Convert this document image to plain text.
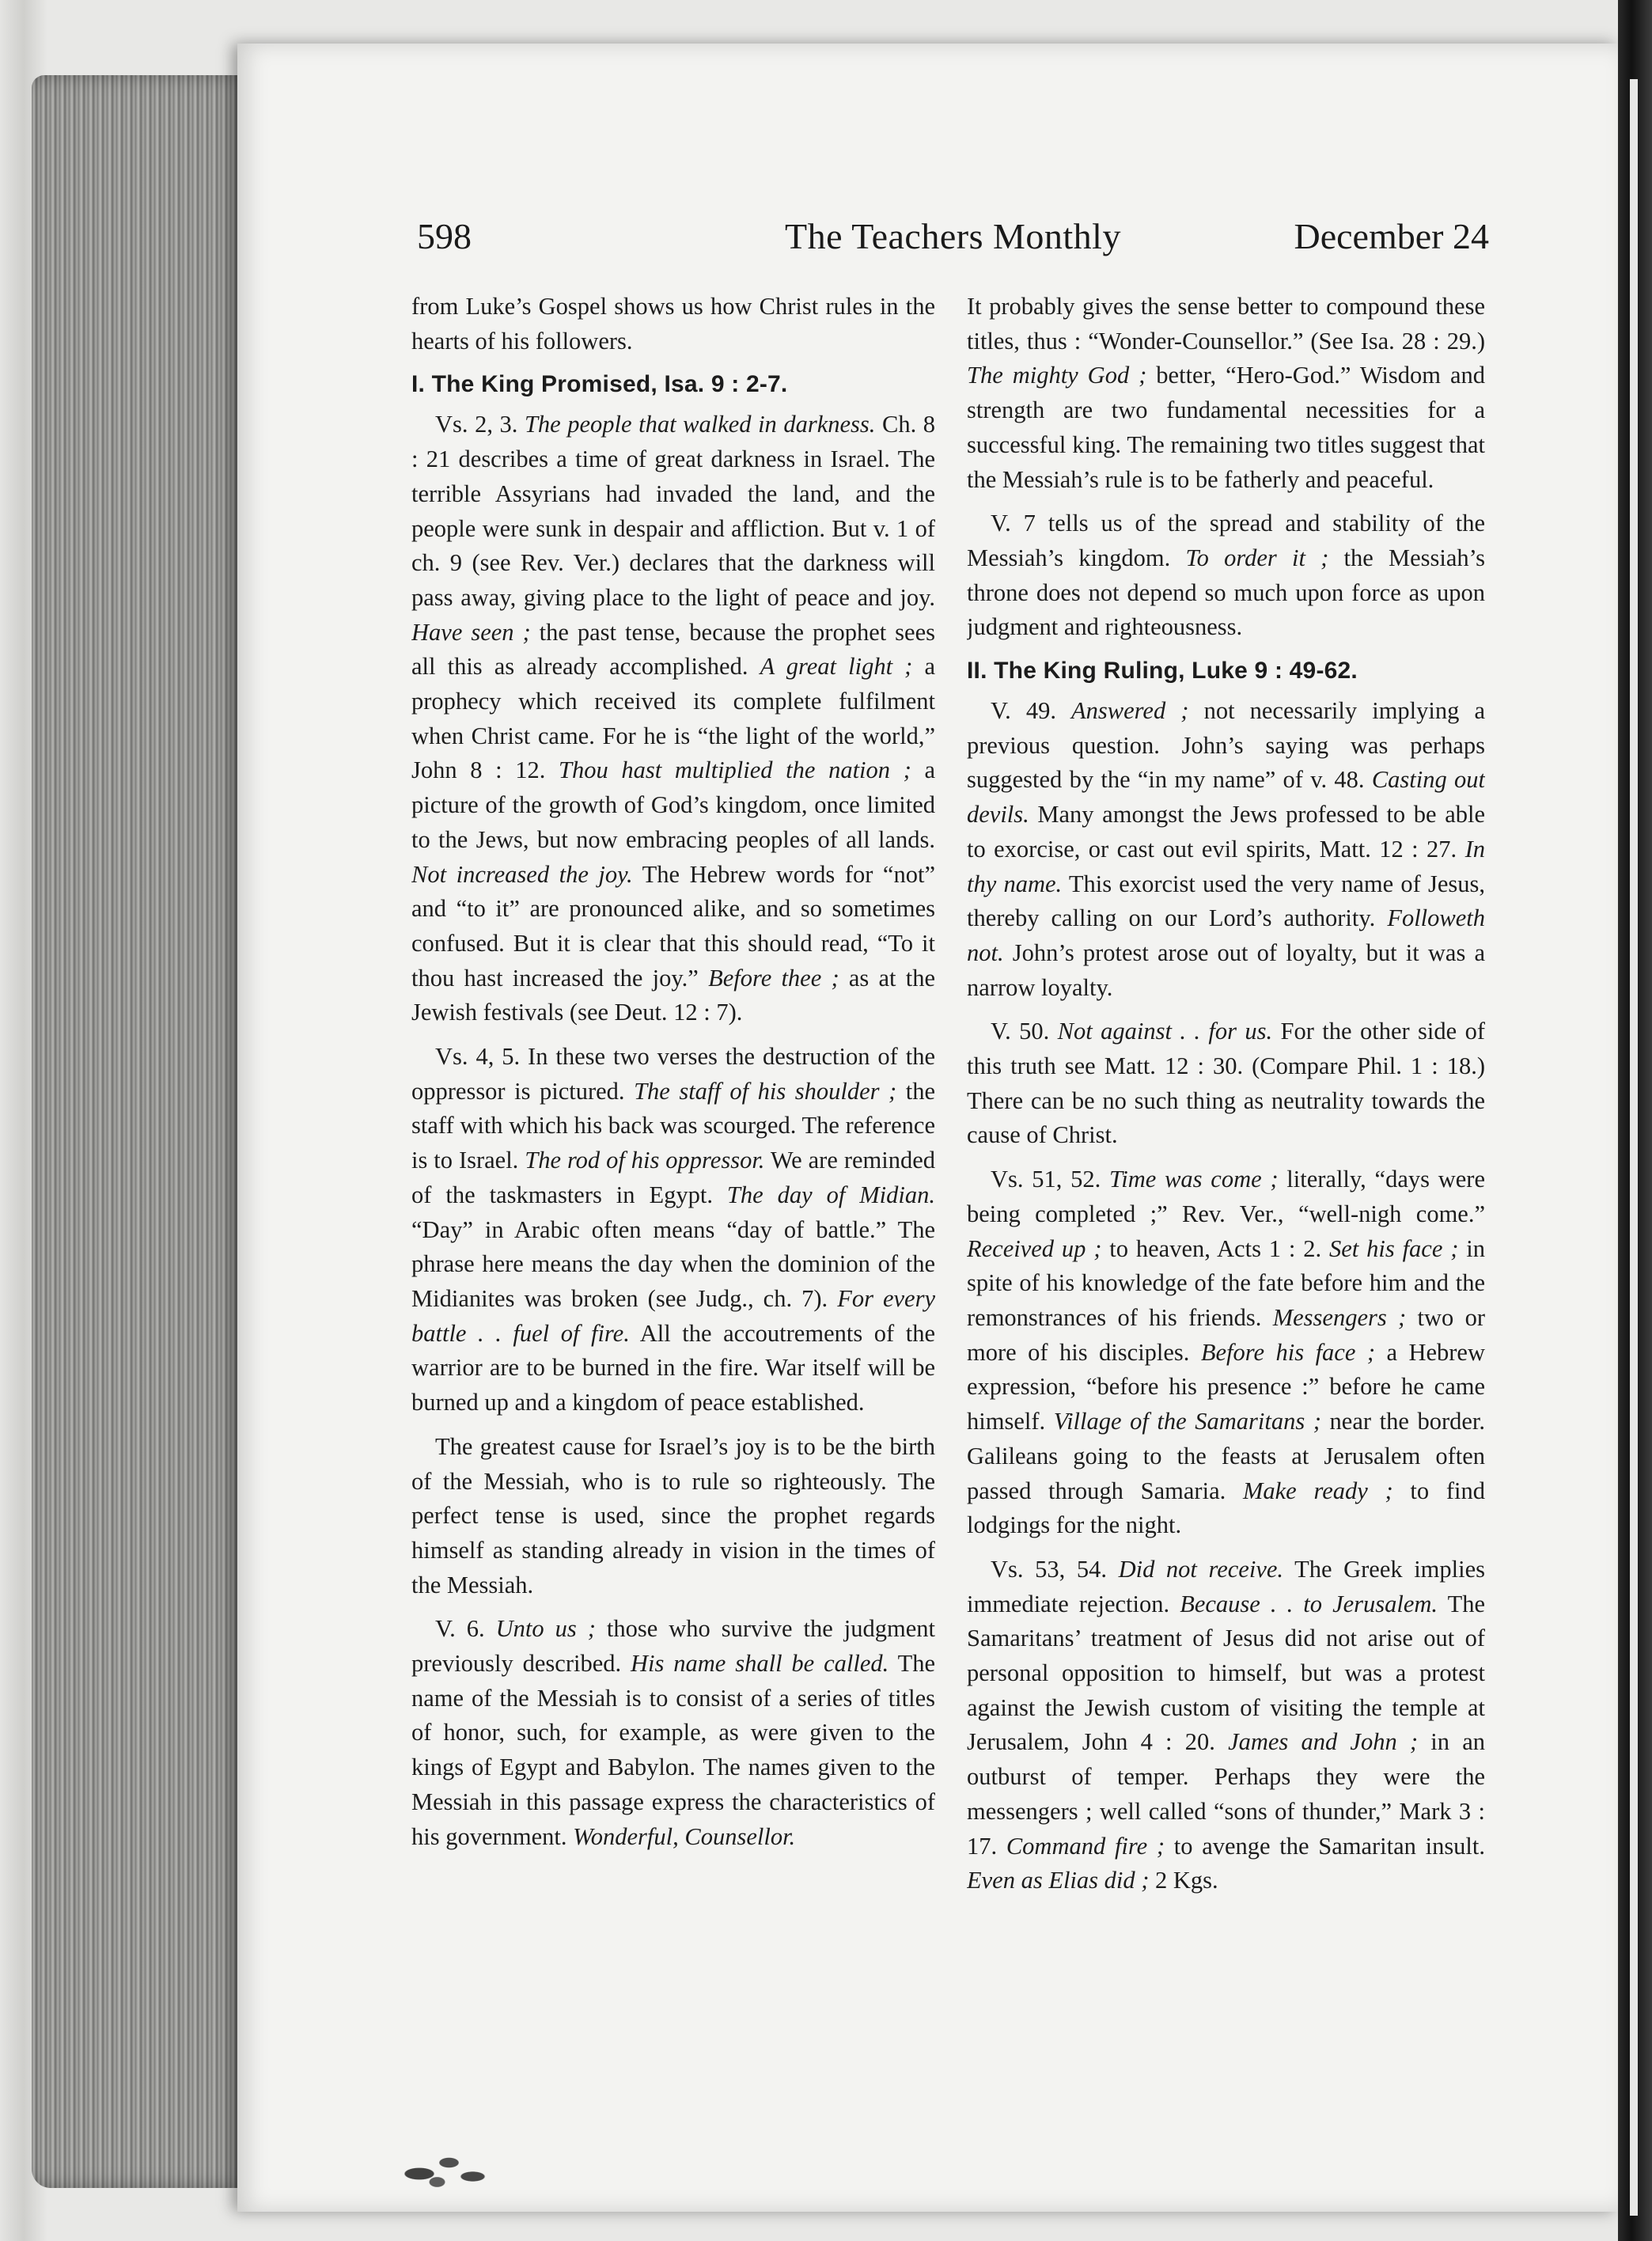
598	The Teachers Monthly	December 24

from Luke’s Gospel shows us how Christ rules in the hearts of his followers.

I. The King Promised, Isa. 9 : 2-7.

Vs. 2, 3. The people that walked in darkness. Ch. 8 : 21 describes a time of great darkness in Israel. The terrible Assyrians had invaded the land, and the people were sunk in despair and affliction. But v. 1 of ch. 9 (see Rev. Ver.) declares that the darkness will pass away, giving place to the light of peace and joy. Have seen ; the past tense, because the prophet sees all this as already accomplished. A great light ; a prophecy which received its complete fulfilment when Christ came. For he is “the light of the world,” John 8 : 12. Thou hast multiplied the nation ; a picture of the growth of God’s kingdom, once limited to the Jews, but now embracing peoples of all lands. Not increased the joy. The Hebrew words for “not” and “to it” are pronounced alike, and so sometimes confused. But it is clear that this should read, “To it thou hast increased the joy.” Before thee ; as at the Jewish festivals (see Deut. 12 : 7).

Vs. 4, 5. In these two verses the destruction of the oppressor is pictured. The staff of his shoulder ; the staff with which his back was scourged. The reference is to Israel. The rod of his oppressor. We are reminded of the taskmasters in Egypt. The day of Midian. “Day” in Arabic often means “day of battle.” The phrase here means the day when the dominion of the Midianites was broken (see Judg., ch. 7). For every battle . . fuel of fire. All the accoutrements of the warrior are to be burned in the fire. War itself will be burned up and a kingdom of peace established.

The greatest cause for Israel’s joy is to be the birth of the Messiah, who is to rule so righteously. The perfect tense is used, since the prophet regards himself as standing already in vision in the times of the Messiah.

V. 6. Unto us ; those who survive the judgment previously described. His name shall be called. The name of the Messiah is to consist of a series of titles of honor, such, for example, as were given to the kings of Egypt and Babylon. The names given to the Messiah in this passage express the characteristics of his government. Wonderful, Counsellor.

It probably gives the sense better to compound these titles, thus : “Wonder-Counsellor.” (See Isa. 28 : 29.) The mighty God ; better, “Hero-God.” Wisdom and strength are two fundamental necessities for a successful king. The remaining two titles suggest that the Messiah’s rule is to be fatherly and peaceful.

V. 7 tells us of the spread and stability of the Messiah’s kingdom. To order it ; the Messiah’s throne does not depend so much upon force as upon judgment and righteousness.

II. The King Ruling, Luke 9 : 49-62.

V. 49. Answered ; not necessarily implying a previous question. John’s saying was perhaps suggested by the “in my name” of v. 48. Casting out devils. Many amongst the Jews professed to be able to exorcise, or cast out evil spirits, Matt. 12 : 27. In thy name. This exorcist used the very name of Jesus, thereby calling on our Lord’s authority. Followeth not. John’s protest arose out of loyalty, but it was a narrow loyalty.

V. 50. Not against . . for us. For the other side of this truth see Matt. 12 : 30. (Compare Phil. 1 : 18.) There can be no such thing as neutrality towards the cause of Christ.

Vs. 51, 52. Time was come ; literally, “days were being completed ;” Rev. Ver., “well-nigh come.” Received up ; to heaven, Acts 1 : 2. Set his face ; in spite of his knowledge of the fate before him and the remonstrances of his friends. Messengers ; two or more of his disciples. Before his face ; a Hebrew expression, “before his presence :” before he came himself. Village of the Samaritans ; near the border. Galileans going to the feasts at Jerusalem often passed through Samaria. Make ready ; to find lodgings for the night.

Vs. 53, 54. Did not receive. The Greek implies immediate rejection. Because . . to Jerusalem. The Samaritans’ treatment of Jesus did not arise out of personal opposition to himself, but was a protest against the Jewish custom of visiting the temple at Jerusalem, John 4 : 20. James and John ; in an outburst of temper. Perhaps they were the messengers ; well called “sons of thunder,” Mark 3 : 17. Command fire ; to avenge the Samaritan insult. Even as Elias did ; 2 Kgs.
